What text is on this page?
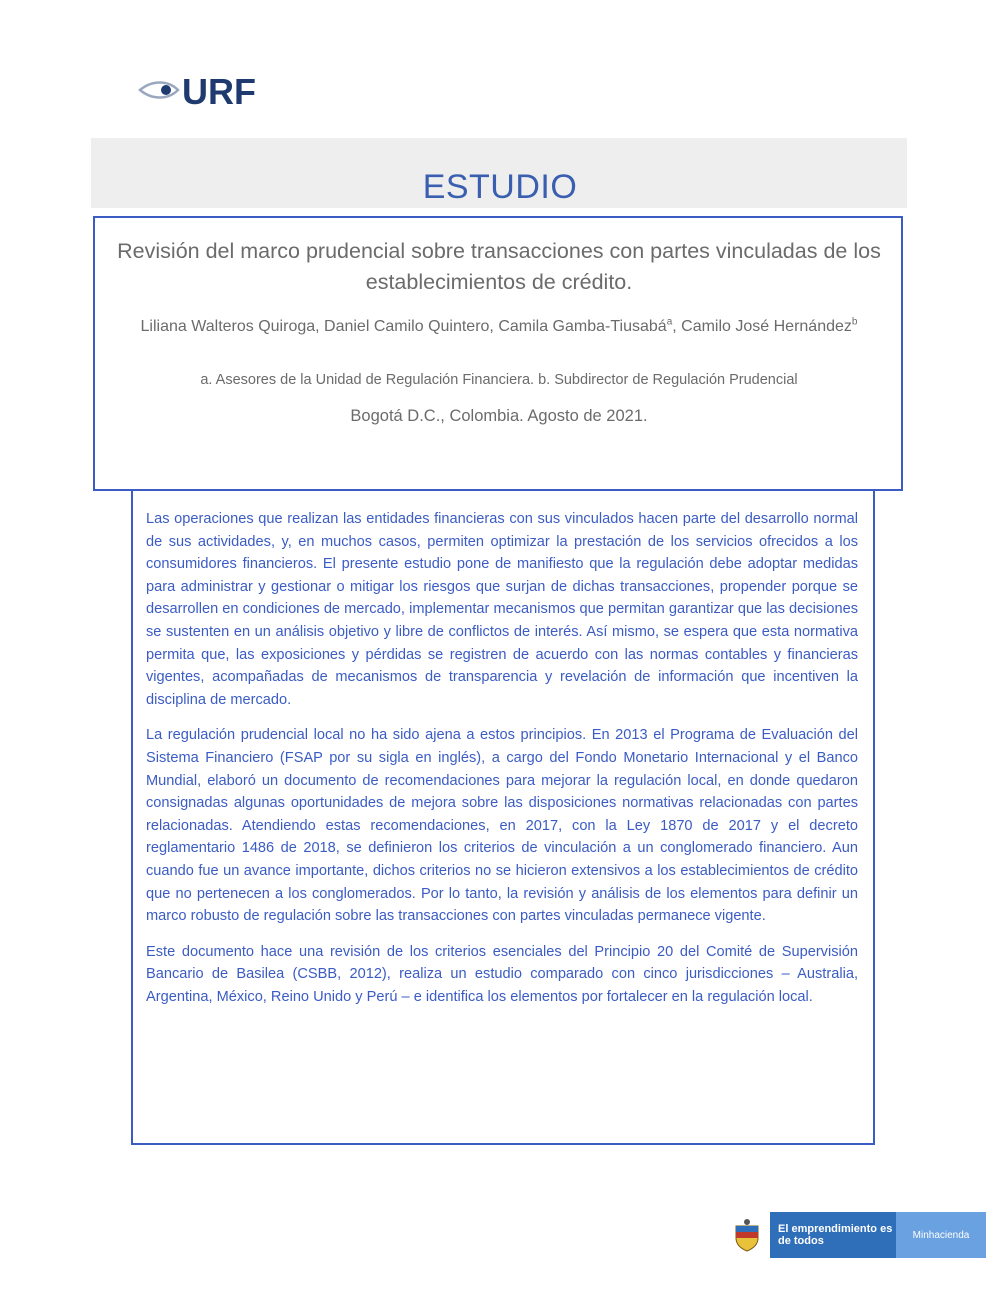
URF
ESTUDIO
Revisión del marco prudencial sobre transacciones con partes vinculadas de los establecimientos de crédito.
Liliana Walteros Quiroga, Daniel Camilo Quintero, Camila Gamba-Tiusabá$^a$, Camilo José Hernández$^b$
a. Asesores de la Unidad de Regulación Financiera. b. Subdirector de Regulación Prudencial
Bogotá D.C., Colombia. Agosto de 2021.

Las operaciones que realizan las entidades financieras con sus vinculados hacen parte del desarrollo normal de sus actividades, y, en muchos casos, permiten optimizar la prestación de los servicios ofrecidos a los consumidores financieros. El presente estudio pone de manifiesto que la regulación debe adoptar medidas para administrar y gestionar o mitigar los riesgos que surjan de dichas transacciones, propender porque se desarrollen en condiciones de mercado, implementar mecanismos que permitan garantizar que las decisiones se sustenten en un análisis objetivo y libre de conflictos de interés. Así mismo, se espera que esta normativa permita que, las exposiciones y pérdidas se registren de acuerdo con las normas contables y financieras vigentes, acompañadas de mecanismos de transparencia y revelación de información que incentiven la disciplina de mercado.

La regulación prudencial local no ha sido ajena a estos principios. En 2013 el Programa de Evaluación del Sistema Financiero (FSAP por su sigla en inglés), a cargo del Fondo Monetario Internacional y el Banco Mundial, elaboró un documento de recomendaciones para mejorar la regulación local, en donde quedaron consignadas algunas oportunidades de mejora sobre las disposiciones normativas relacionadas con partes relacionadas. Atendiendo estas recomendaciones, en 2017, con la Ley 1870 de 2017 y el decreto reglamentario 1486 de 2018, se definieron los criterios de vinculación a un conglomerado financiero. Aun cuando fue un avance importante, dichos criterios no se hicieron extensivos a los establecimientos de crédito que no pertenecen a los conglomerados. Por lo tanto, la revisión y análisis de los elementos para definir un marco robusto de regulación sobre las transacciones con partes vinculadas permanece vigente.

Este documento hace una revisión de los criterios esenciales del Principio 20 del Comité de Supervisión Bancario de Basilea (CSBB, 2012), realiza un estudio comparado con cinco jurisdicciones – Australia, Argentina, México, Reino Unido y Perú – e identifica los elementos por fortalecer en la regulación local.

El emprendimiento es de todos	Minhacienda
